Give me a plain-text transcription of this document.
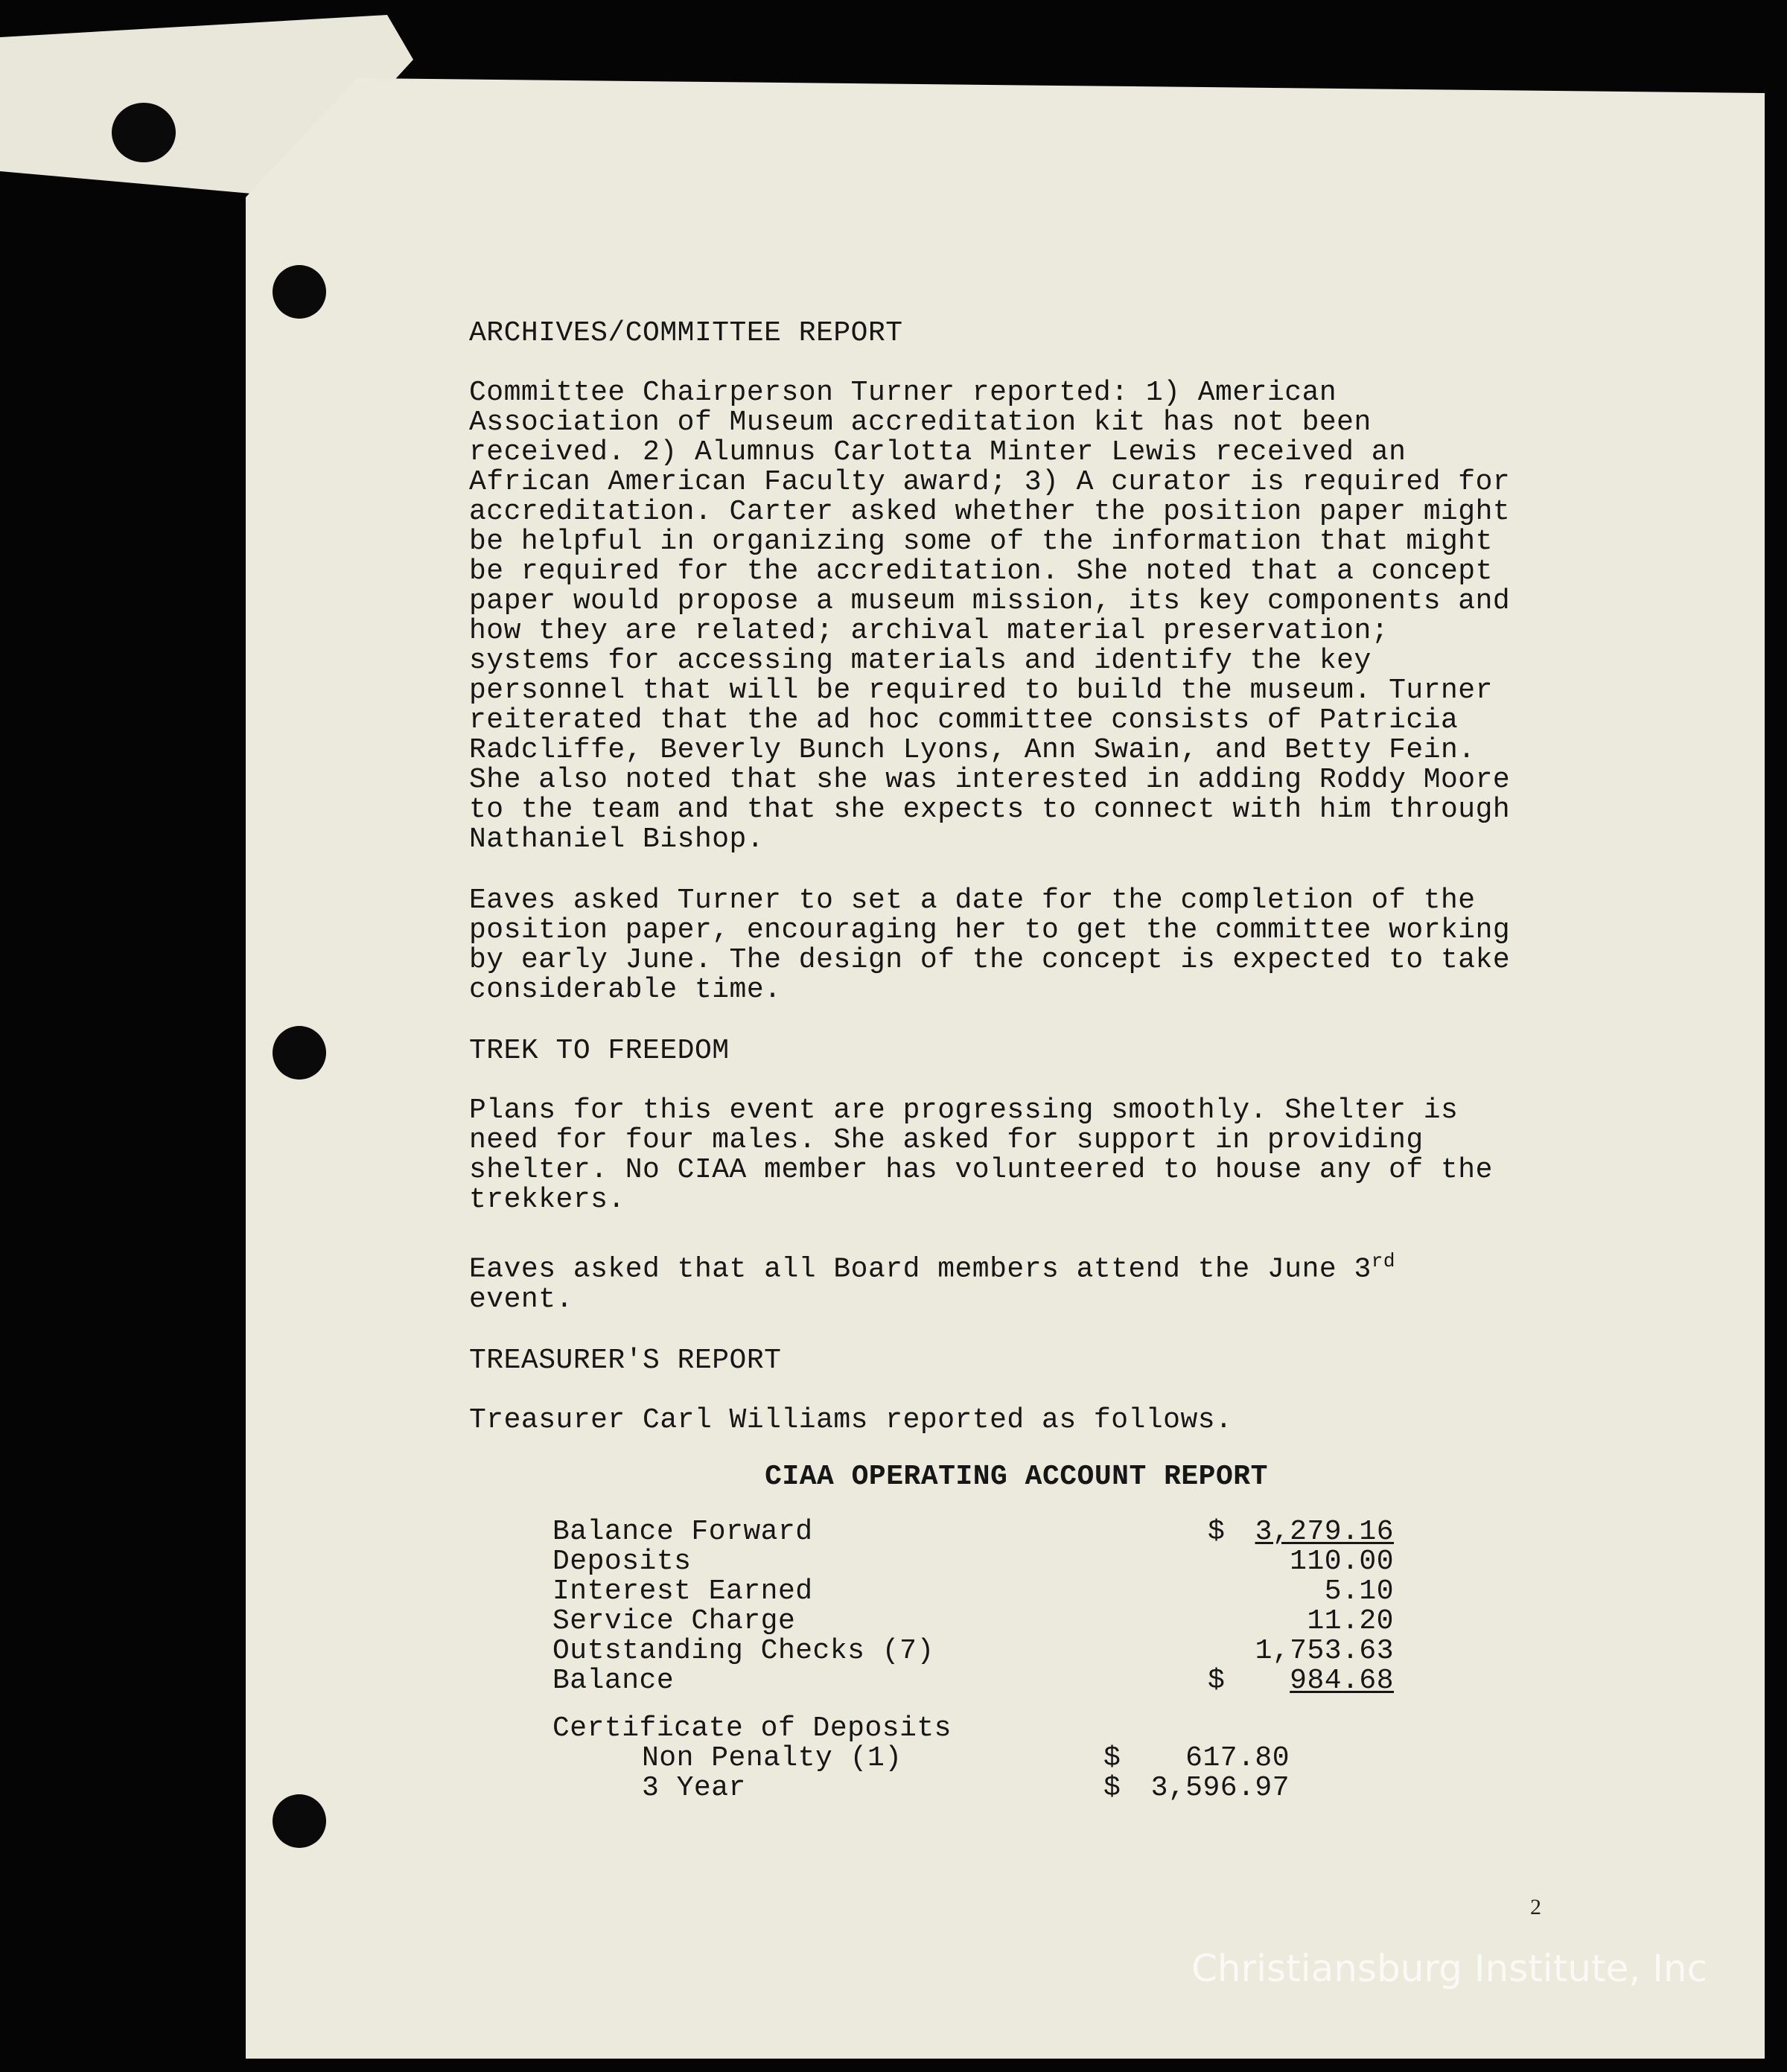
ARCHIVES/COMMITTEE REPORT
Committee Chairperson Turner reported: 1) American
Association of Museum accreditation kit has not been
received. 2) Alumnus Carlotta Minter Lewis received an
African American Faculty award; 3) A curator is required for
accreditation. Carter asked whether the position paper might
be helpful in organizing some of the information that might
be required for the accreditation. She noted that a concept
paper would propose a museum mission, its key components and
how they are related; archival material preservation;
systems for accessing materials and identify the key
personnel that will be required to build the museum. Turner
reiterated that the ad hoc committee consists of Patricia
Radcliffe, Beverly Bunch Lyons, Ann Swain, and Betty Fein.
She also noted that she was interested in adding Roddy Moore
to the team and that she expects to connect with him through
Nathaniel Bishop.
Eaves asked Turner to set a date for the completion of the
position paper, encouraging her to get the committee working
by early June. The design of the concept is expected to take
considerable time.
TREK TO FREEDOM
Plans for this event are progressing smoothly. Shelter is
need for four males. She asked for support in providing
shelter. No CIAA member has volunteered to house any of the
trekkers.
Eaves asked that all Board members attend the June 3rd
event.
TREASURER'S REPORT
Treasurer Carl Williams reported as follows.
CIAA OPERATING ACCOUNT REPORT
Balance Forward	$	3,279.16
Deposits		110.00
Interest Earned		5.10
Service Charge		11.20
Outstanding Checks (7)		1,753.63
Balance	$	984.68
Certificate of Deposits
Non Penalty (1)	$	617.80
3 Year	$	3,596.97
2
Christiansburg Institute, Inc
